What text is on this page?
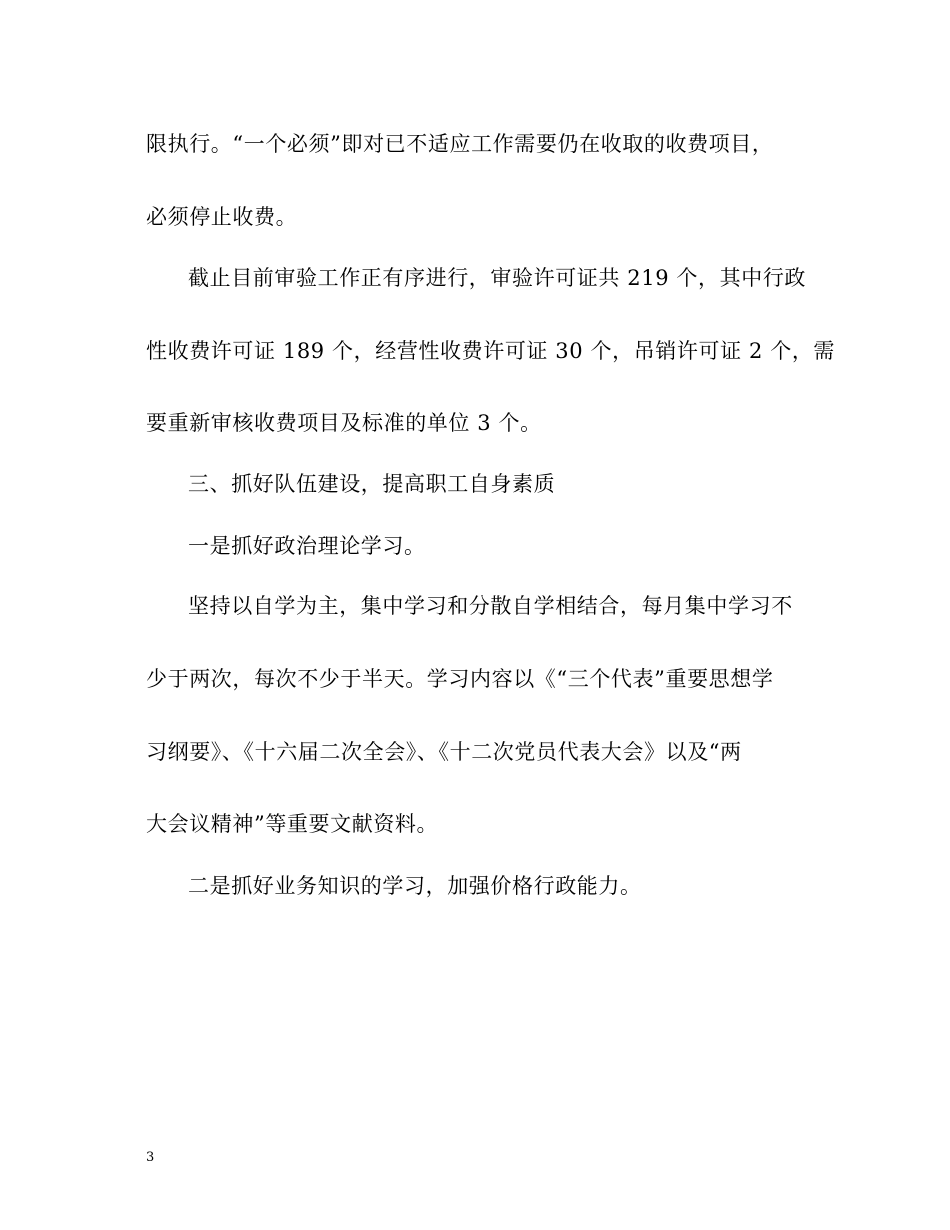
限执行。“一个必须”即对已不适应工作需要仍在收取的收费项目，
必须停止收费。
截止目前审验工作正有序进行，审验许可证共 219 个，其中行政
性收费许可证 189 个，经营性收费许可证 30 个，吊销许可证 2 个，需
要重新审核收费项目及标准的单位 3 个。
三、抓好队伍建设，提高职工自身素质
一是抓好政治理论学习。
坚持以自学为主，集中学习和分散自学相结合，每月集中学习不
少于两次，每次不少于半天。学习内容以《“三个代表”重要思想学
习纲要》、《十六届二次全会》、《十二次党员代表大会》以及“两
大会议精神”等重要文献资料。
二是抓好业务知识的学习，加强价格行政能力。
3
